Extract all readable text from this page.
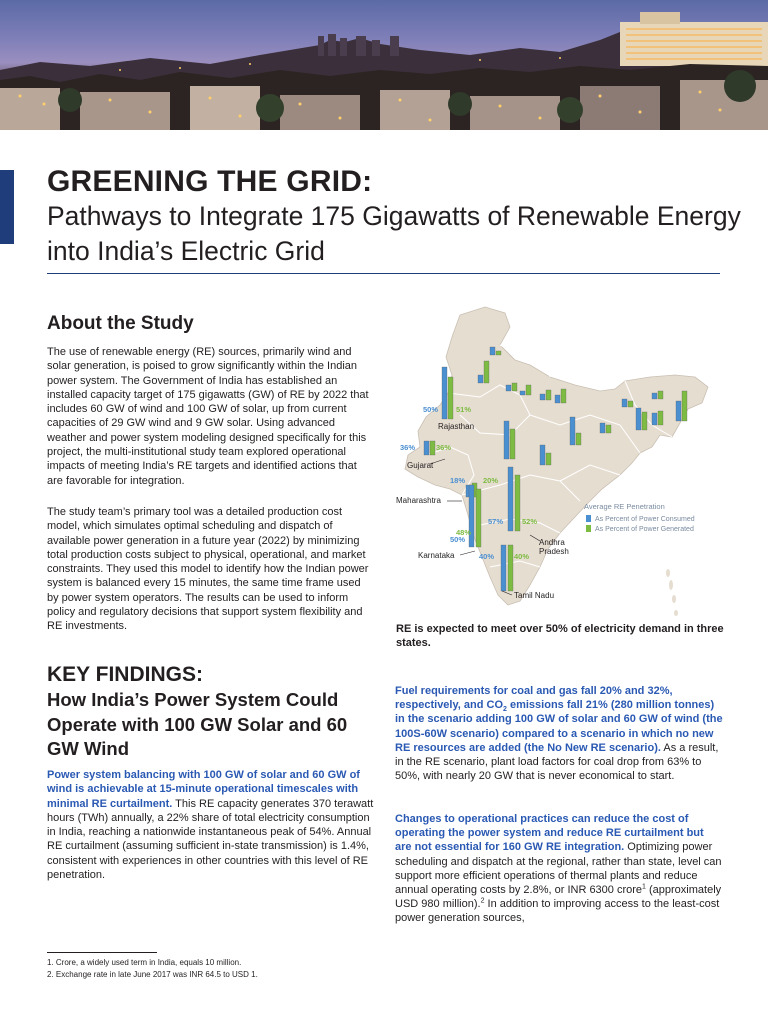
GREENING THE GRID:
Pathways to Integrate 175 Gigawatts of Renewable Energy into India’s Electric Grid
About the Study

The use of renewable energy (RE) sources, primarily wind and solar generation, is poised to grow significantly within the Indian power system. The Government of India has established an installed capacity target of 175 gigawatts (GW) of RE by 2022 that includes 60 GW of wind and 100 GW of solar, up from current capacities of 29 GW wind and 9 GW solar. Using advanced weather and power system modeling designed specifically for this project, the multi-institutional study team explored operational impacts of meeting India’s RE targets and identified actions that are favorable for integration.

The study team’s primary tool was a detailed production cost model, which simulates optimal scheduling and dispatch of available power generation in a future year (2022) by minimizing total production costs subject to physical, operational, and market constraints. They used this model to identify how the Indian power system is balanced every 15 minutes, the same time frame used by power system operators. The results can be used to inform policy and regulatory decisions that support system flexibility and RE investments.

KEY FINDINGS:
How India’s Power System Could Operate with 100 GW Solar and 60 GW Wind

Power system balancing with 100 GW of solar and 60 GW of wind is achievable at 15-minute operational timescales with minimal RE curtailment. This RE capacity generates 370 terawatt hours (TWh) annually, a 22% share of total electricity consumption in India, reaching a nationwide instantaneous peak of 54%. Annual RE curtailment (assuming sufficient in-state transmission) is 1.4%, consistent with experiences in other countries with this level of RE penetration.

50% 51%
36%	36%
18% 20%
50%
48%
57%	52%
40%	40%
Rajasthan
Gujarat
Maharashtra
Karnataka
Andhra
Pradesh
Tamil Nadu
Average RE Penetration
As Percent of Power Consumed
As Percent of Power Generated

RE is expected to meet over 50% of electricity demand in three states.

Fuel requirements for coal and gas fall 20% and 32%, respectively, and $CO_2$ emissions fall 21% (280 million tonnes) in the scenario adding 100 GW of solar and 60 GW of wind (the 100S-60W scenario) compared to a scenario in which no new RE resources are added (the No New RE scenario). As a result, in the RE scenario, plant load factors for coal drop from 63% to 50%, with nearly 20 GW that is never economical to start.

Changes to operational practices can reduce the cost of operating the power system and reduce RE curtailment but are not essential for 160 GW RE integration. Optimizing power scheduling and dispatch at the regional, rather than state, level can support more efficient operations of thermal plants and reduce annual operating costs by 2.8%, or INR 6300 crore$^1$ (approximately USD 980 million).$^2$ In addition to improving access to the least-cost power generation sources,

1. Crore, a widely used term in India, equals 10 million.

2. Exchange rate in late June 2017 was INR 64.5 to USD 1.
